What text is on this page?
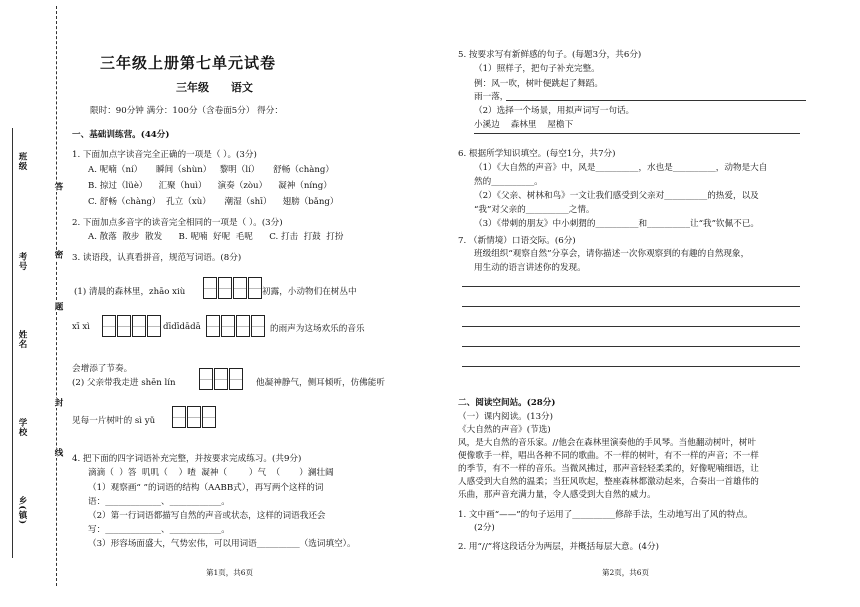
班级
考号
姓名
学校
乡(镇)
答
密
题
封
线
三年级上册第七单元试卷
三年级 语文
限时：90分钟 满分：100分（含卷面5分） 得分：
一、基础训练营。(44分)
1. 下面加点字读音完全正确的一项是（ ）。(3分)
A. 呢喃（ní）     瞬间（shùn）   黎明（lí）     舒畅（chàng）
B. 掠过（lüè）    汇聚（huì）    演奏（zòu）    凝神（níng）
C. 舒畅（chàng）  孔立（xù）     潮湿（shī）    翅膀（bǎng）
2. 下面加点多音字的读音完全相同的一项是（ ）。(3分)
A. 散落  散步  散发      B. 呢喃  好呢  毛呢      C. 打击  打鼓  打扮
3. 读语段，认真看拼音，规范写词语。(8分)
(1) 清晨的森林里，zhāo xiù	初露，小动物们在树丛中
xī xì	dīdīdādā	的雨声为这场欢乐的音乐
会增添了节奏。
(2) 父亲带我走进 shēn lín	他凝神静气，侧耳倾听，仿佛能听
见每一片树叶的 sì yǔ
4. 把下面的四字词语补充完整，并按要求完成练习。(共9分)
滴滴（  ）答  叽叽（    ）喳  凝神（        ）气  （       ）澜壮阔
（1）观察画“ ”的词语的结构（AABB式），再写两个这样的词
语：_____________、____________。
（2）第一行词语都描写自然的声音或状态，这样的词语我还会
写：_____________、____________。
（3）形容场面盛大，气势宏伟，可以用词语__________（选词填空）。
第1页，共6页
5. 按要求写有新鲜感的句子。(每题3分，共6分)
（1）照样子，把句子补充完整。
例：风一吹，树叶便跳起了舞蹈。
雨一落，
（2）选择一个场景，用拟声词写一句话。
小溪边    森林里    屋檐下
6. 根据所学知识填空。(每空1分，共7分)
（1）《大自然的声音》中，风是__________，水也是__________，动物是大自
然的__________。
（2）《父亲、树林和鸟》一文让我们感受到父亲对__________的热爱，以及
“我”对父亲的__________之情。
（3）《带刺的朋友》中小刺猬的__________和__________让“我”钦佩不已。
7. （新情境）口语交际。(6分)
班级组织“观察自然”分享会，请你描述一次你观察到的有趣的自然现象，
用生动的语言讲述你的发现。
二、阅读空间站。(28分)
（一）课内阅读。(13分)
《大自然的声音》(节选)
风，是大自然的音乐家。//他会在森林里演奏他的手风琴。当他翻动树叶，树叶
便像歌手一样，唱出各种不同的歌曲。不一样的树叶，有不一样的声音；不一样
的季节，有不一样的音乐。当微风拂过，那声音轻轻柔柔的，好像呢喃细语，让
人感受到大自然的温柔；当狂风吹起，整座森林都激动起来，合奏出一首雄伟的
乐曲，那声音充满力量，令人感受到大自然的威力。
1. 文中画“——”的句子运用了__________修辞手法，生动地写出了风的特点。
(2分)
2. 用“//”将这段话分为两层，并概括每层大意。(4分)
第2页，共6页
